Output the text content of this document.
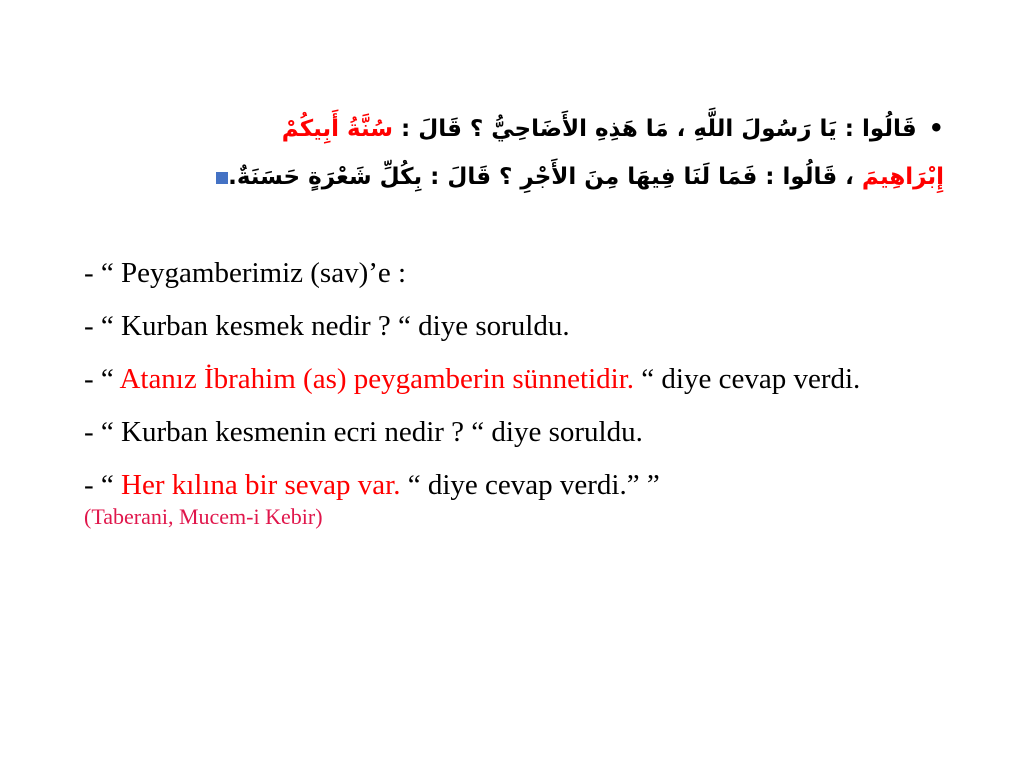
•قَالُوا : يَا رَسُولَ اللَّهِ ، مَا هَذِهِ الأَضَاحِيُّ ؟ قَالَ : سُنَّةُ أَبِيكُمْ
إِبْرَاهِيمَ ، قَالُوا : فَمَا لَنَا فِيهَا مِنَ الأَجْرِ ؟ قَالَ : بِكُلِّ شَعْرَةٍ حَسَنَةٌ.

- “ Peygamberimiz (sav)’e :

- “ Kurban kesmek nedir ? “ diye soruldu.

- “ Atanız İbrahim (as) peygamberin sünnetidir. “ diye cevap verdi.

- “ Kurban kesmenin ecri nedir ? “ diye soruldu.

- “ Her kılına bir sevap var. “ diye cevap verdi.” ”

(Taberani, Mucem-i Kebir)
